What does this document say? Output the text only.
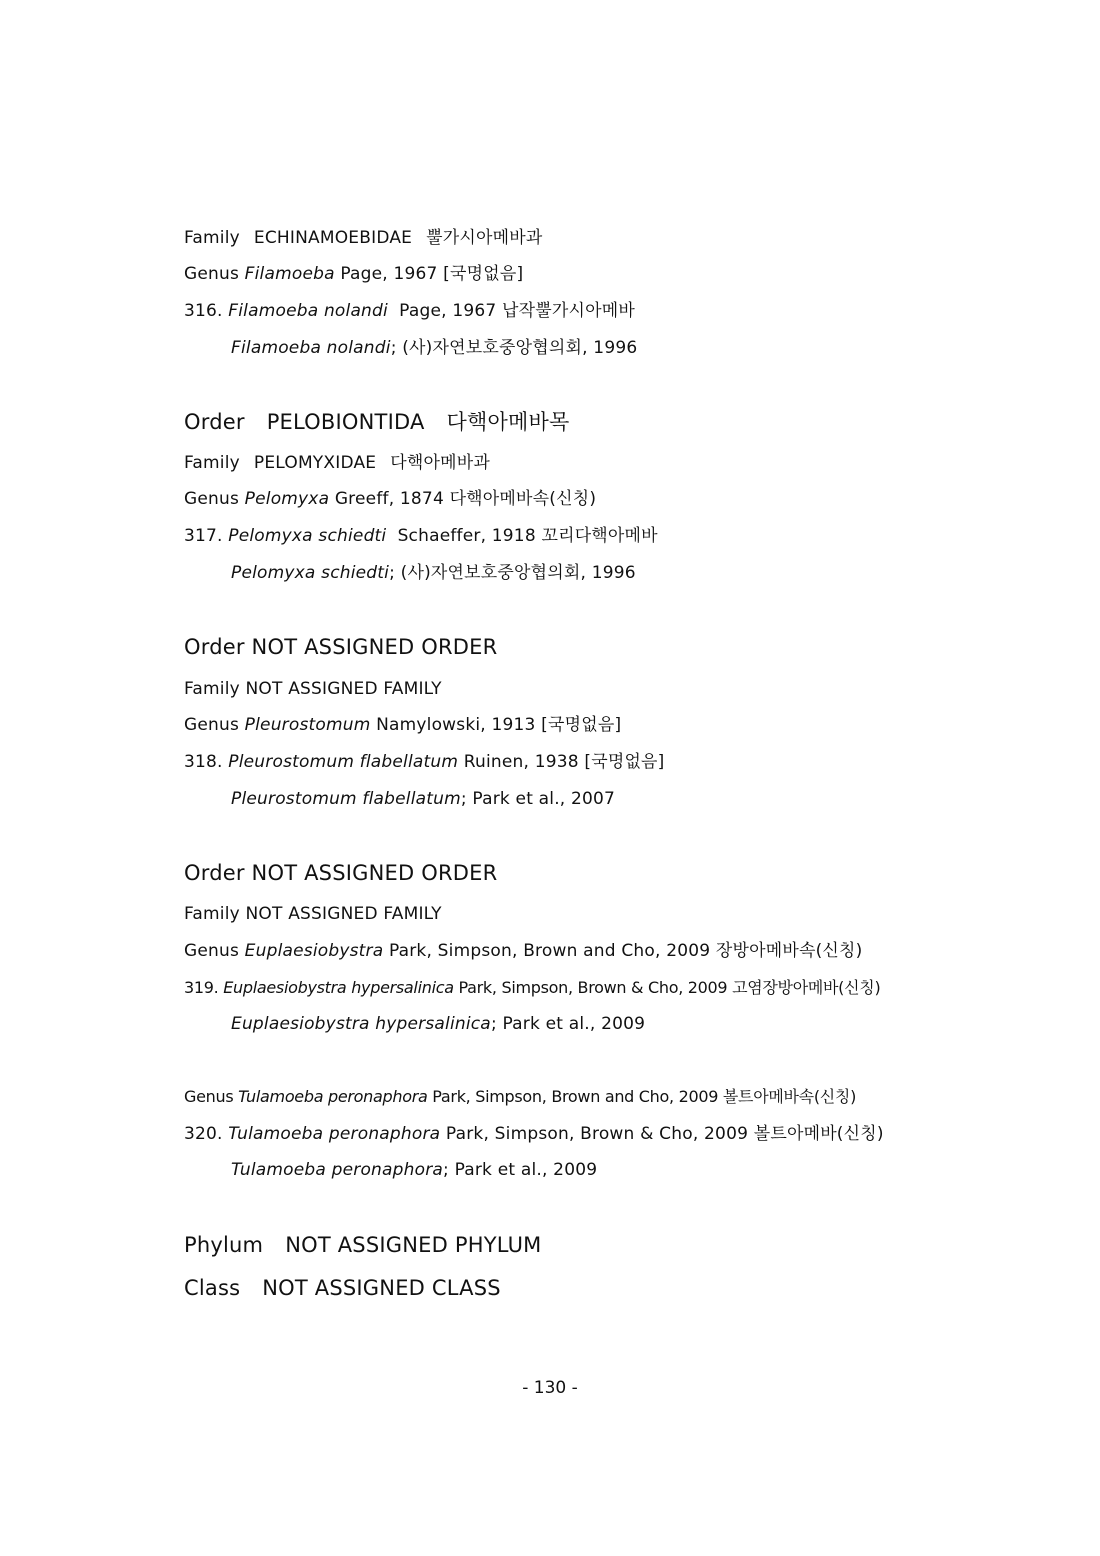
Family ECHINAMOEBIDAE 뿔가시아메바과
Genus Filamoeba Page, 1967 [국명없음]
316. Filamoeba nolandi Page, 1967 납작뿔가시아메바
Filamoeba nolandi; (사)자연보호중앙협의회, 1996
Order PELOBIONTIDA 다핵아메바목
Family PELOMYXIDAE 다핵아메바과
Genus Pelomyxa Greeff, 1874 다핵아메바속(신칭)
317. Pelomyxa schiedti Schaeffer, 1918 꼬리다핵아메바
Pelomyxa schiedti; (사)자연보호중앙협의회, 1996
Order NOT ASSIGNED ORDER
Family NOT ASSIGNED FAMILY
Genus Pleurostomum Namylowski, 1913 [국명없음]
318. Pleurostomum flabellatum Ruinen, 1938 [국명없음]
Pleurostomum flabellatum; Park et al., 2007
Order NOT ASSIGNED ORDER
Family NOT ASSIGNED FAMILY
Genus Euplaesiobystra Park, Simpson, Brown and Cho, 2009 장방아메바속(신칭)
319. Euplaesiobystra hypersalinica Park, Simpson, Brown & Cho, 2009 고염장방아메바(신칭)
Euplaesiobystra hypersalinica; Park et al., 2009
Genus Tulamoeba peronaphora Park, Simpson, Brown and Cho, 2009 볼트아메바속(신칭)
320. Tulamoeba peronaphora Park, Simpson, Brown & Cho, 2009 볼트아메바(신칭)
Tulamoeba peronaphora; Park et al., 2009
Phylum NOT ASSIGNED PHYLUM
Class NOT ASSIGNED CLASS
- 130 -
